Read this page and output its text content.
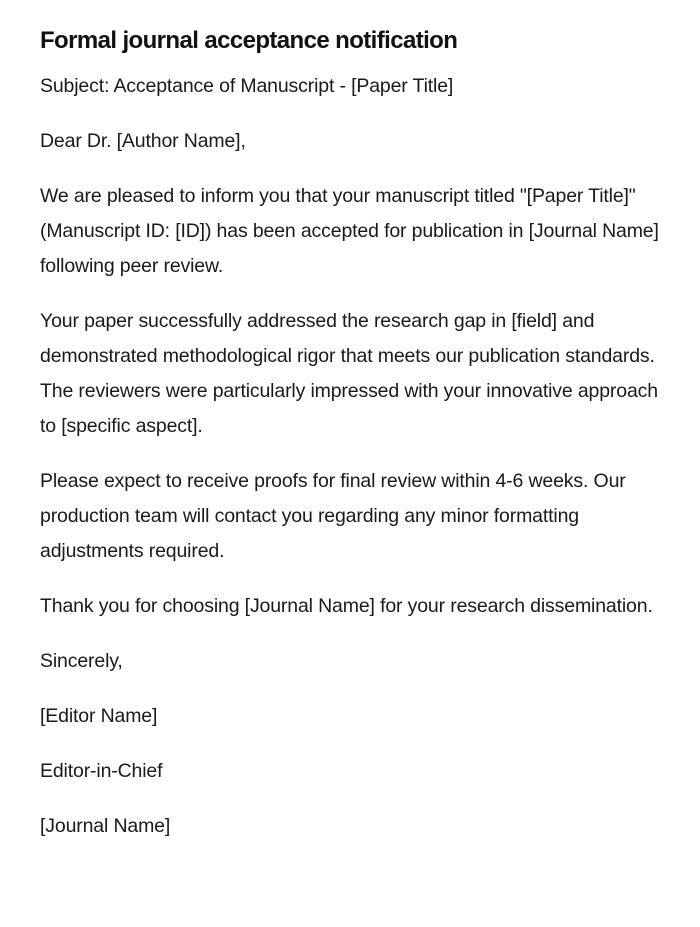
Formal journal acceptance notification

Subject: Acceptance of Manuscript - [Paper Title]

Dear Dr. [Author Name],

We are pleased to inform you that your manuscript titled "[Paper Title]" (Manuscript ID: [ID]) has been accepted for publication in [Journal Name] following peer review.

Your paper successfully addressed the research gap in [field] and demonstrated methodological rigor that meets our publication standards. The reviewers were particularly impressed with your innovative approach to [specific aspect].

Please expect to receive proofs for final review within 4-6 weeks. Our production team will contact you regarding any minor formatting adjustments required.

Thank you for choosing [Journal Name] for your research dissemination.

Sincerely,

[Editor Name]

Editor-in-Chief

[Journal Name]
